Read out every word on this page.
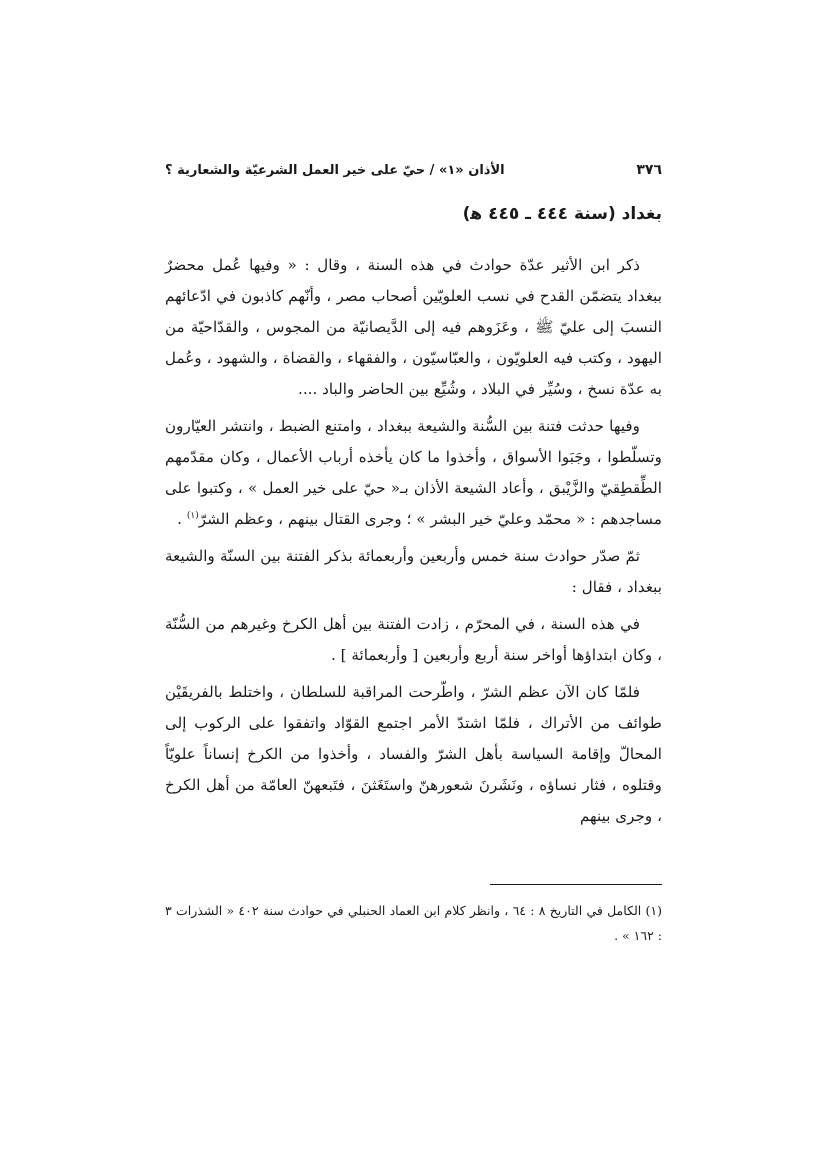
٣٧٦
الأذان «١» / حيّ على خير العمل الشرعيّة والشعارية ؟
بغداد (سنة ٤٤٤ ـ ٤٤٥ ﻫ)

ذكر ابن الأثير عدّة حوادث في هذه السنة ، وقال : « وفيها عُمل محضرٌ ببغداد يتضمّن القدح في نسب العلويّين أصحاب مصر ، وأنّهم كاذبون في ادّعائهم النسبَ إلى عليّ ﷺ ، وعَزَوهم فيه إلى الدَّيصانيّة من المجوس ، والقدّاحيّة من اليهود ، وكتب فيه العلويّون ، والعبّاسيّون ، والفقهاء ، والقضاة ، والشهود ، وعُمل به عدّة نسخ ، وسُيِّر في البلاد ، وشُيِّع بين الحاضر والباد ....

وفيها حدثت فتنة بين السُّنة والشيعة ببغداد ، وامتنع الضبط ، وانتشر العيّارون وتسلّطوا ، وجَبَوا الأسواق ، وأخذوا ما كان يأخذه أرباب الأعمال ، وكان مقدّمهم الطِّقطِقيّ والزَّيْبق ، وأعاد الشيعة الأذان بـ« حيّ على خير العمل » ، وكتبوا على مساجدهم : « محمّد وعليّ خير البشر » ؛ وجرى القتال بينهم ، وعظم الشرّ$^{(١)}$ .

ثمّ صدّر حوادث سنة خمس وأربعين وأربعمائة بذكر الفتنة بين السنّة والشيعة ببغداد ، فقال :

في هذه السنة ، في المحرّم ، زادت الفتنة بين أهل الكرخ وغيرهم من السُّنّة ، وكان ابتداؤها أواخر سنة أربع وأربعين [ وأربعمائة ] .

فلمّا كان الآن عظم الشرّ ، واطّرحت المراقبة للسلطان ، واختلط بالفريقَيْن طوائف من الأتراك ، فلمّا اشتدّ الأمر اجتمع القوّاد واتفقوا على الركوب إلى المحالّ وإقامة السياسة بأهل الشرّ والفساد ، وأخذوا من الكرخ إنساناً علويّاً وقتلوه ، فثار نساؤه ، ونَشَرنَ شعورهنّ واستَغَثنَ ، فتَبعهنّ العامّة من أهل الكرخ ، وجرى بينهم

(١) الكامل في التاريخ ٨ : ٦٤ ، وانظر كلام ابن العماد الحنبلي في حوادث سنة ٤٠٢ « الشذرات ٣ : ١٦٢ » .
